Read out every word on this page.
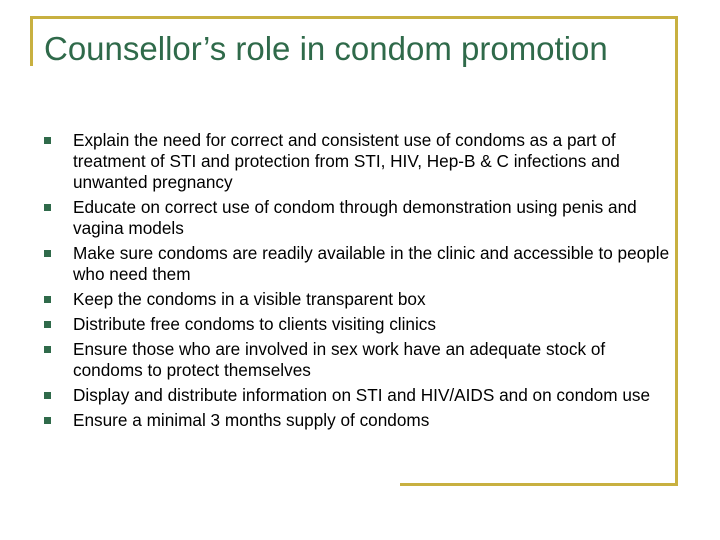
Counsellor’s role in condom promotion
Explain the need for correct and consistent use of condoms as a part of treatment of STI and protection from STI, HIV, Hep-B & C infections and unwanted pregnancy
Educate on correct use of condom through demonstration using penis and vagina models
Make sure condoms are readily available in the clinic and accessible to people who need them
Keep the condoms in a visible transparent box
Distribute free condoms to clients visiting clinics
Ensure those who are involved in sex work have an adequate stock of condoms to protect themselves
Display and distribute information on STI and HIV/AIDS and on condom use
Ensure a minimal 3 months supply of condoms
